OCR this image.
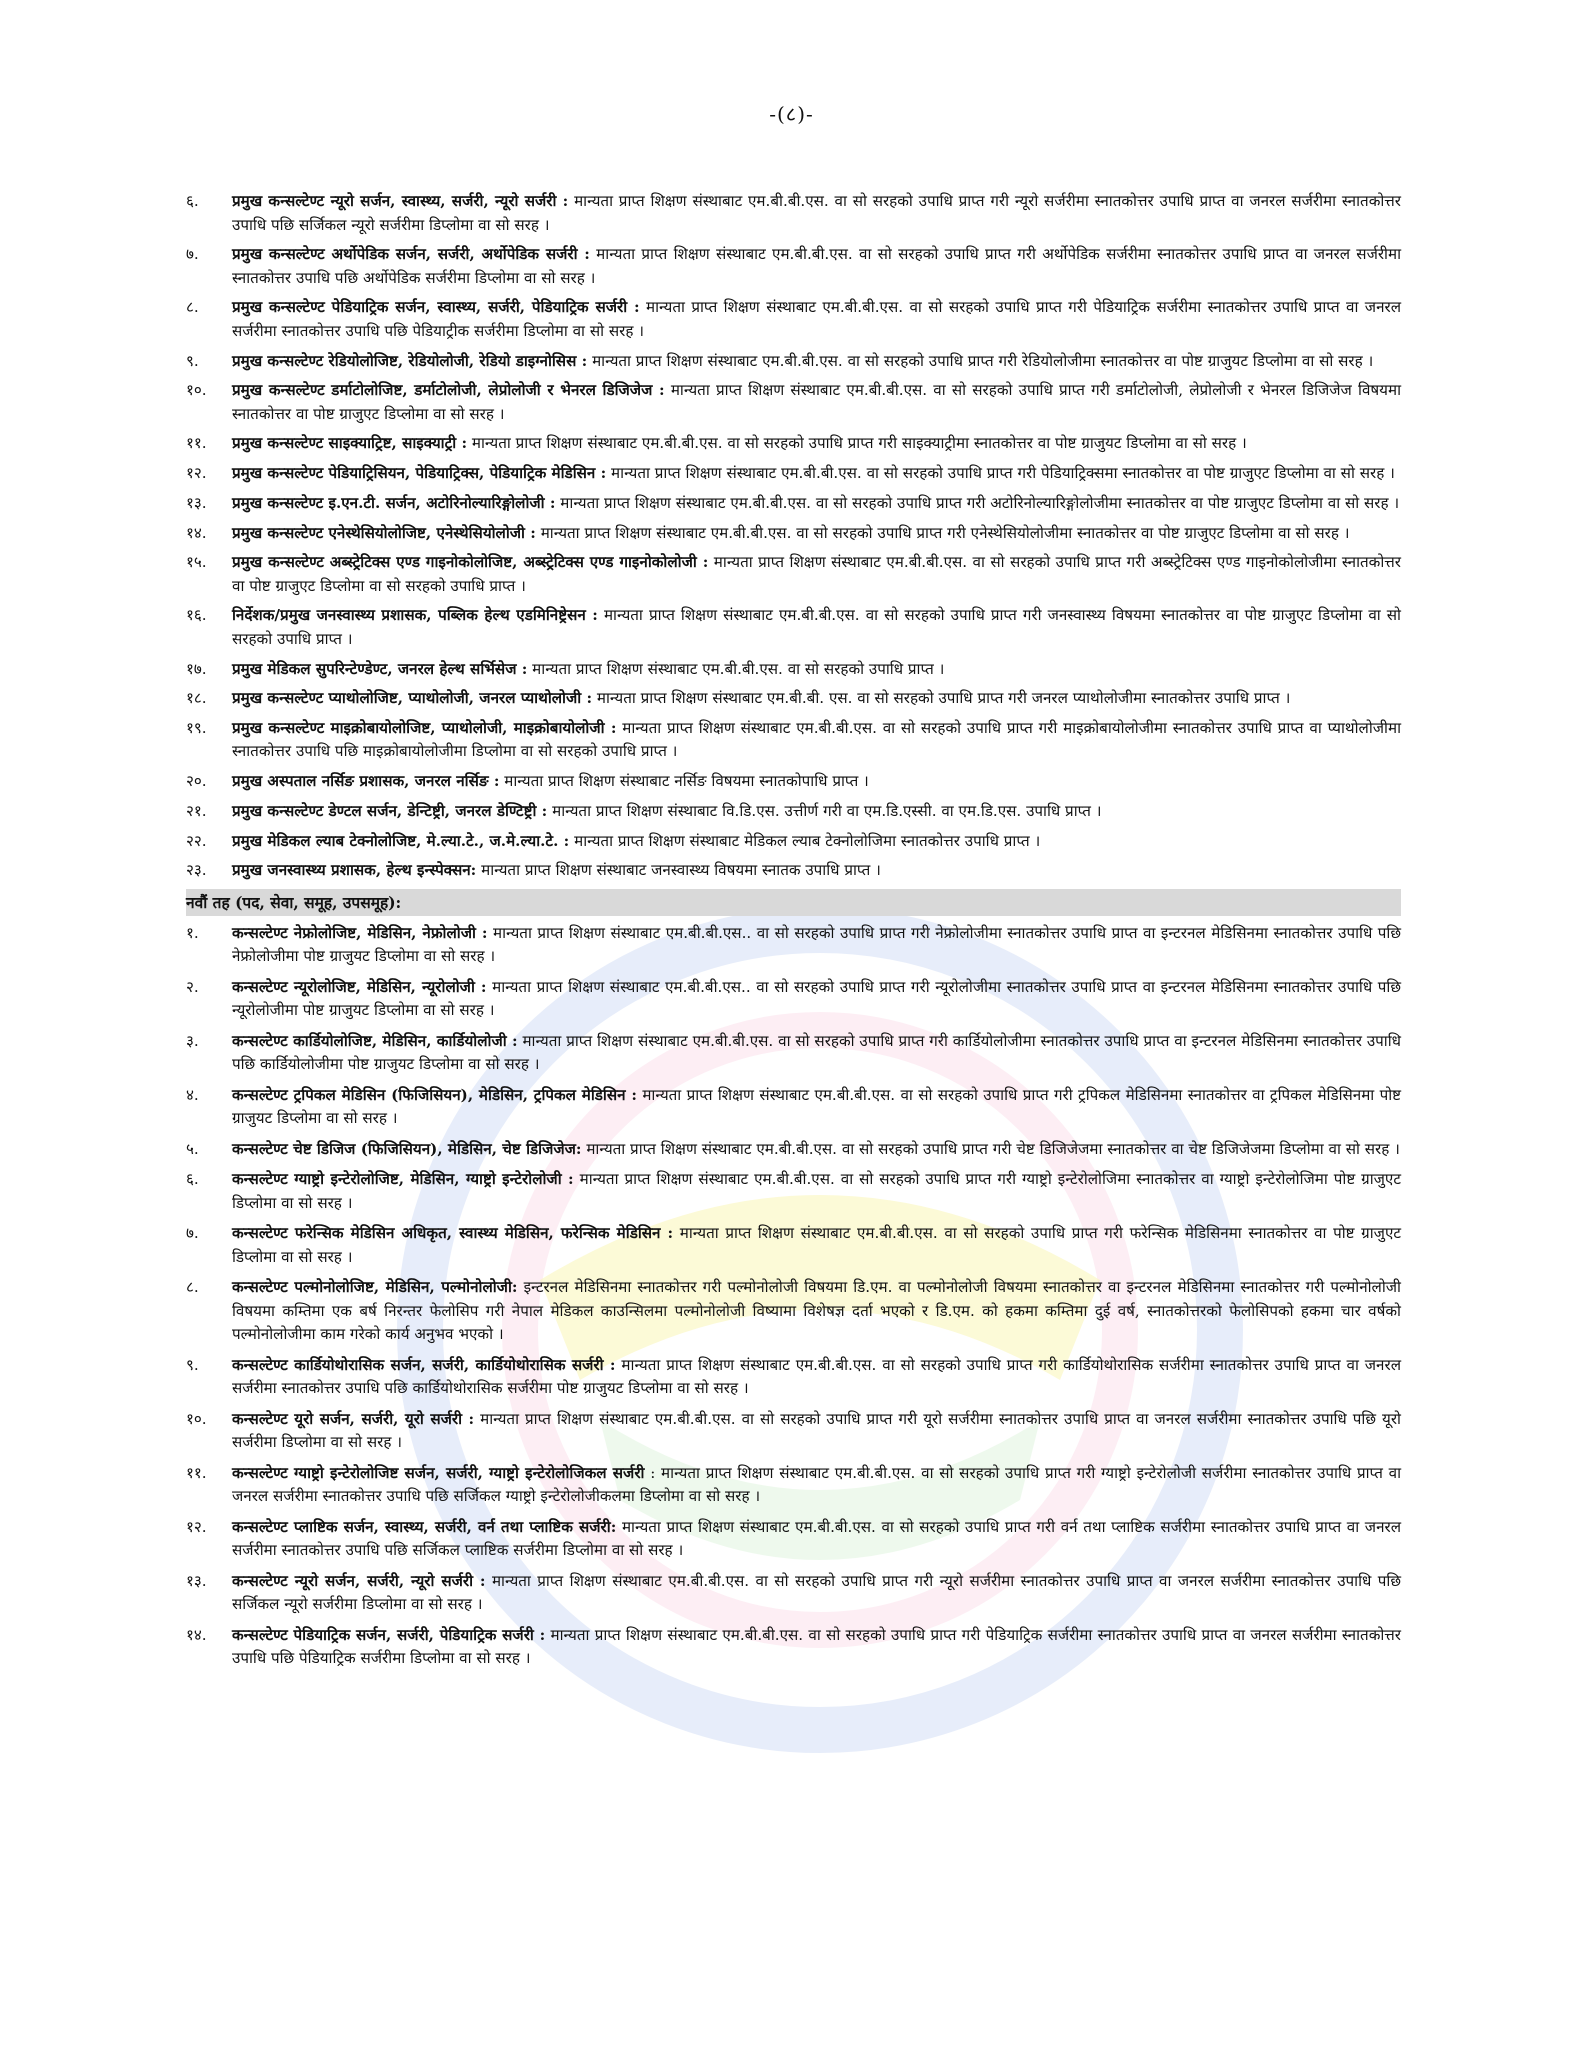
-(८)-
६.	प्रमुख कन्सल्टेण्ट न्यूरो सर्जन, स्वास्थ्य, सर्जरी, न्यूरो सर्जरी : मान्यता प्राप्त शिक्षण संस्थाबाट एम.बी.बी.एस. वा सो सरहको उपाधि प्राप्त गरी न्यूरो सर्जरीमा स्नातकोत्तर उपाधि प्राप्त वा जनरल सर्जरीमा स्नातकोत्तर उपाधि पछि सर्जिकल न्यूरो सर्जरीमा डिप्लोमा वा सो सरह ।
७.	प्रमुख कन्सल्टेण्ट अर्थोपेडिक सर्जन, सर्जरी, अर्थोपेडिक सर्जरी : मान्यता प्राप्त शिक्षण संस्थाबाट एम.बी.बी.एस. वा सो सरहको उपाधि प्राप्त गरी अर्थोपेडिक सर्जरीमा स्नातकोत्तर उपाधि प्राप्त वा जनरल सर्जरीमा स्नातकोत्तर उपाधि पछि अर्थोपेडिक सर्जरीमा डिप्लोमा वा सो सरह ।
८.	प्रमुख कन्सल्टेण्ट पेडियाट्रिक सर्जन, स्वास्थ्य, सर्जरी, पेडियाट्रिक सर्जरी : मान्यता प्राप्त शिक्षण संस्थाबाट एम.बी.बी.एस. वा सो सरहको उपाधि प्राप्त गरी पेडियाट्रिक सर्जरीमा स्नातकोत्तर उपाधि प्राप्त वा जनरल सर्जरीमा स्नातकोत्तर उपाधि पछि पेडियाट्रीक सर्जरीमा डिप्लोमा वा सो सरह ।
९.	प्रमुख कन्सल्टेण्ट रेडियोलोजिष्ट, रेडियोलोजी, रेडियो डाइग्नोसिस : मान्यता प्राप्त शिक्षण संस्थाबाट एम.बी.बी.एस. वा सो सरहको उपाधि प्राप्त गरी रेडियोलोजीमा स्नातकोत्तर वा पोष्ट ग्राजुयट डिप्लोमा वा सो सरह ।
१०.	प्रमुख कन्सल्टेण्ट डर्माटोलोजिष्ट, डर्माटोलोजी, लेप्रोलोजी र भेनरल डिजिजेज : मान्यता प्राप्त शिक्षण संस्थाबाट एम.बी.बी.एस. वा सो सरहको उपाधि प्राप्त गरी डर्माटोलोजी, लेप्रोलोजी र भेनरल डिजिजेज विषयमा स्नातकोत्तर वा पोष्ट ग्राजुएट डिप्लोमा वा सो सरह ।
११.	प्रमुख कन्सल्टेण्ट साइक्याट्रिष्ट, साइक्याट्री : मान्यता प्राप्त शिक्षण संस्थाबाट एम.बी.बी.एस. वा सो सरहको उपाधि प्राप्त गरी साइक्याट्रीमा स्नातकोत्तर वा पोष्ट ग्राजुयट डिप्लोमा वा सो सरह ।
१२.	प्रमुख कन्सल्टेण्ट पेडियाट्रिसियन, पेडियाट्रिक्स, पेडियाट्रिक मेडिसिन : मान्यता प्राप्त शिक्षण संस्थाबाट एम.बी.बी.एस. वा सो सरहको उपाधि प्राप्त गरी पेडियाट्रिक्समा स्नातकोत्तर वा पोष्ट ग्राजुएट डिप्लोमा वा सो सरह ।
१३.	प्रमुख कन्सल्टेण्ट इ.एन.टी. सर्जन, अटोरिनोल्यारिङ्गोलोजी : मान्यता प्राप्त शिक्षण संस्थाबाट एम.बी.बी.एस. वा सो सरहको उपाधि प्राप्त गरी अटोरिनोल्यारिङ्गोलोजीमा स्नातकोत्तर वा पोष्ट ग्राजुएट डिप्लोमा वा सो सरह ।
१४.	प्रमुख कन्सल्टेण्ट एनेस्थेसियोलोजिष्ट, एनेस्थेसियोलोजी : मान्यता प्राप्त शिक्षण संस्थाबाट एम.बी.बी.एस. वा सो सरहको उपाधि प्राप्त गरी एनेस्थेसियोलोजीमा स्नातकोत्तर वा पोष्ट ग्राजुएट डिप्लोमा वा सो सरह ।
१५.	प्रमुख कन्सल्टेण्ट अब्स्ट्रेटिक्स एण्ड गाइनोकोलोजिष्ट, अब्स्ट्रेटिक्स एण्ड गाइनोकोलोजी : मान्यता प्राप्त शिक्षण संस्थाबाट एम.बी.बी.एस. वा सो सरहको उपाधि प्राप्त गरी अब्स्ट्रेटिक्स एण्ड गाइनोकोलोजीमा स्नातकोत्तर वा पोष्ट ग्राजुएट डिप्लोमा वा सो सरहको उपाधि प्राप्त ।
१६.	निर्देशक/प्रमुख जनस्वास्थ्य प्रशासक, पब्लिक हेल्थ एडमिनिष्ट्रेसन : मान्यता प्राप्त शिक्षण संस्थाबाट एम.बी.बी.एस. वा सो सरहको उपाधि प्राप्त गरी जनस्वास्थ्य विषयमा स्नातकोत्तर वा पोष्ट ग्राजुएट डिप्लोमा वा सो सरहको उपाधि प्राप्त ।
१७.	प्रमुख मेडिकल सुपरिन्टेण्डेण्ट, जनरल हेल्थ सर्भिसेज : मान्यता प्राप्त शिक्षण संस्थाबाट एम.बी.बी.एस. वा सो सरहको उपाधि प्राप्त ।
१८.	प्रमुख कन्सल्टेण्ट प्याथोलोजिष्ट, प्याथोलोजी, जनरल प्याथोलोजी : मान्यता प्राप्त शिक्षण संस्थाबाट एम.बी.बी. एस. वा सो सरहको उपाधि प्राप्त गरी जनरल प्याथोलोजीमा स्नातकोत्तर उपाधि प्राप्त ।
१९.	प्रमुख कन्सल्टेण्ट माइक्रोबायोलोजिष्ट, प्याथोलोजी, माइक्रोबायोलोजी : मान्यता प्राप्त शिक्षण संस्थाबाट एम.बी.बी.एस. वा सो सरहको उपाधि प्राप्त गरी माइक्रोबायोलोजीमा स्नातकोत्तर उपाधि प्राप्त वा प्याथोलोजीमा स्नातकोत्तर उपाधि पछि माइक्रोबायोलोजीमा डिप्लोमा वा सो सरहको उपाधि प्राप्त ।
२०.	प्रमुख अस्पताल नर्सिङ प्रशासक, जनरल नर्सिङ : मान्यता प्राप्त शिक्षण संस्थाबाट नर्सिङ विषयमा स्नातकोपाधि प्राप्त ।
२१.	प्रमुख कन्सल्टेण्ट डेण्टल सर्जन, डेन्टिष्ट्री, जनरल डेण्टिष्ट्री : मान्यता प्राप्त शिक्षण संस्थाबाट वि.डि.एस. उत्तीर्ण गरी वा एम.डि.एस्सी. वा एम.डि.एस. उपाधि प्राप्त ।
२२.	प्रमुख मेडिकल ल्याब टेक्नोलोजिष्ट, मे.ल्या.टे., ज.मे.ल्या.टे. : मान्यता प्राप्त शिक्षण संस्थाबाट मेडिकल ल्याब टेक्नोलोजिमा स्नातकोत्तर उपाधि प्राप्त ।
२३.	प्रमुख जनस्वास्थ्य प्रशासक, हेल्थ इन्स्पेक्सन: मान्यता प्राप्त शिक्षण संस्थाबाट जनस्वास्थ्य विषयमा स्नातक उपाधि प्राप्त ।
नवौं तह (पद, सेवा, समूह, उपसमूह):
१.	कन्सल्टेण्ट नेफ्रोलोजिष्ट, मेडिसिन, नेफ्रोलोजी : मान्यता प्राप्त शिक्षण संस्थाबाट एम.बी.बी.एस.. वा सो सरहको उपाधि प्राप्त गरी नेफ्रोलोजीमा स्नातकोत्तर उपाधि प्राप्त वा इन्टरनल मेडिसिनमा स्नातकोत्तर उपाधि पछि नेफ्रोलोजीमा पोष्ट ग्राजुयट डिप्लोमा वा सो सरह ।
२.	कन्सल्टेण्ट न्यूरोलोजिष्ट, मेडिसिन, न्यूरोलोजी : मान्यता प्राप्त शिक्षण संस्थाबाट एम.बी.बी.एस.. वा सो सरहको उपाधि प्राप्त गरी न्यूरोलोजीमा स्नातकोत्तर उपाधि प्राप्त वा इन्टरनल मेडिसिनमा स्नातकोत्तर उपाधि पछि न्यूरोलोजीमा पोष्ट ग्राजुयट डिप्लोमा वा सो सरह ।
३.	कन्सल्टेण्ट कार्डियोलोजिष्ट, मेडिसिन, कार्डियोलोजी : मान्यता प्राप्त शिक्षण संस्थाबाट एम.बी.बी.एस. वा सो सरहको उपाधि प्राप्त गरी कार्डियोलोजीमा स्नातकोत्तर उपाधि प्राप्त वा इन्टरनल मेडिसिनमा स्नातकोत्तर उपाधि पछि कार्डियोलोजीमा पोष्ट ग्राजुयट डिप्लोमा वा सो सरह ।
४.	कन्सल्टेण्ट ट्रपिकल मेडिसिन (फिजिसियन), मेडिसिन, ट्रपिकल मेडिसिन : मान्यता प्राप्त शिक्षण संस्थाबाट एम.बी.बी.एस. वा सो सरहको उपाधि प्राप्त गरी ट्रपिकल मेडिसिनमा स्नातकोत्तर वा ट्रपिकल मेडिसिनमा पोष्ट ग्राजुयट डिप्लोमा वा सो सरह ।
५.	कन्सल्टेण्ट चेष्ट डिजिज (फिजिसियन), मेडिसिन, चेष्ट डिजिजेज: मान्यता प्राप्त शिक्षण संस्थाबाट एम.बी.बी.एस. वा सो सरहको उपाधि प्राप्त गरी चेष्ट डिजिजेजमा स्नातकोत्तर वा चेष्ट डिजिजेजमा डिप्लोमा वा सो सरह ।
६.	कन्सल्टेण्ट ग्याष्ट्रो इन्टेरोलोजिष्ट, मेडिसिन, ग्याष्ट्रो इन्टेरोलोजी : मान्यता प्राप्त शिक्षण संस्थाबाट एम.बी.बी.एस. वा सो सरहको उपाधि प्राप्त गरी ग्याष्ट्रो इन्टेरोलोजिमा स्नातकोत्तर वा ग्याष्ट्रो इन्टेरोलोजिमा पोष्ट ग्राजुएट डिप्लोमा वा सो सरह ।
७.	कन्सल्टेण्ट फरेन्सिक मेडिसिन अधिकृत, स्वास्थ्य मेडिसिन, फरेन्सिक मेडिसिन : मान्यता प्राप्त शिक्षण संस्थाबाट एम.बी.बी.एस. वा सो सरहको उपाधि प्राप्त गरी फरेन्सिक मेडिसिनमा स्नातकोत्तर वा पोष्ट ग्राजुएट डिप्लोमा वा सो सरह ।
८.	कन्सल्टेण्ट पल्मोनोलोजिष्ट, मेडिसिन, पल्मोनोलोजी: इन्टरनल मेडिसिनमा स्नातकोत्तर गरी पल्मोनोलोजी विषयमा डि.एम. वा पल्मोनोलोजी विषयमा स्नातकोत्तर वा इन्टरनल मेडिसिनमा स्नातकोत्तर गरी पल्मोनोलोजी विषयमा कम्तिमा एक बर्ष निरन्तर फेलोसिप गरी नेपाल मेडिकल काउन्सिलमा पल्मोनोलोजी विष्यामा विशेषज्ञ दर्ता भएको र डि.एम. को हकमा कम्तिमा दुई वर्ष, स्नातकोत्तरको फेलोसिपको हकमा चार वर्षको पल्मोनोलोजीमा काम गरेको कार्य अनुभव भएको ।
९.	कन्सल्टेण्ट कार्डियोथोरासिक सर्जन, सर्जरी, कार्डियोथोरासिक सर्जरी : मान्यता प्राप्त शिक्षण संस्थाबाट एम.बी.बी.एस. वा सो सरहको उपाधि प्राप्त गरी कार्डियोथोरासिक सर्जरीमा स्नातकोत्तर उपाधि प्राप्त वा जनरल सर्जरीमा स्नातकोत्तर उपाधि पछि कार्डियोथोरासिक सर्जरीमा पोष्ट ग्राजुयट डिप्लोमा वा सो सरह ।
१०.	कन्सल्टेण्ट यूरो सर्जन, सर्जरी, यूरो सर्जरी : मान्यता प्राप्त शिक्षण संस्थाबाट एम.बी.बी.एस. वा सो सरहको उपाधि प्राप्त गरी यूरो सर्जरीमा स्नातकोत्तर उपाधि प्राप्त वा जनरल सर्जरीमा स्नातकोत्तर उपाधि पछि यूरो सर्जरीमा डिप्लोमा वा सो सरह ।
११.	कन्सल्टेण्ट ग्याष्ट्रो इन्टेरोलोजिष्ट सर्जन, सर्जरी, ग्याष्ट्रो इन्टेरोलोजिकल सर्जरी : मान्यता प्राप्त शिक्षण संस्थाबाट एम.बी.बी.एस. वा सो सरहको उपाधि प्राप्त गरी ग्याष्ट्रो इन्टेरोलोजी सर्जरीमा स्नातकोत्तर उपाधि प्राप्त वा जनरल सर्जरीमा स्नातकोत्तर उपाधि पछि सर्जिकल ग्याष्ट्रो इन्टेरोलोजीकलमा डिप्लोमा वा सो सरह ।
१२.	कन्सल्टेण्ट प्लाष्टिक सर्जन, स्वास्थ्य, सर्जरी, वर्न तथा प्लाष्टिक सर्जरी: मान्यता प्राप्त शिक्षण संस्थाबाट एम.बी.बी.एस. वा सो सरहको उपाधि प्राप्त गरी वर्न तथा प्लाष्टिक सर्जरीमा स्नातकोत्तर उपाधि प्राप्त वा जनरल सर्जरीमा स्नातकोत्तर उपाधि पछि सर्जिकल प्लाष्टिक सर्जरीमा डिप्लोमा वा सो सरह ।
१३.	कन्सल्टेण्ट न्यूरो सर्जन, सर्जरी, न्यूरो सर्जरी : मान्यता प्राप्त शिक्षण संस्थाबाट एम.बी.बी.एस. वा सो सरहको उपाधि प्राप्त गरी न्यूरो सर्जरीमा स्नातकोत्तर उपाधि प्राप्त वा जनरल सर्जरीमा स्नातकोत्तर उपाधि पछि सर्जिकल न्यूरो सर्जरीमा डिप्लोमा वा सो सरह ।
१४.	कन्सल्टेण्ट पेडियाट्रिक सर्जन, सर्जरी, पेडियाट्रिक सर्जरी : मान्यता प्राप्त शिक्षण संस्थाबाट एम.बी.बी.एस. वा सो सरहको उपाधि प्राप्त गरी पेडियाट्रिक सर्जरीमा स्नातकोत्तर उपाधि प्राप्त वा जनरल सर्जरीमा स्नातकोत्तर उपाधि पछि पेडियाट्रिक सर्जरीमा डिप्लोमा वा सो सरह ।
